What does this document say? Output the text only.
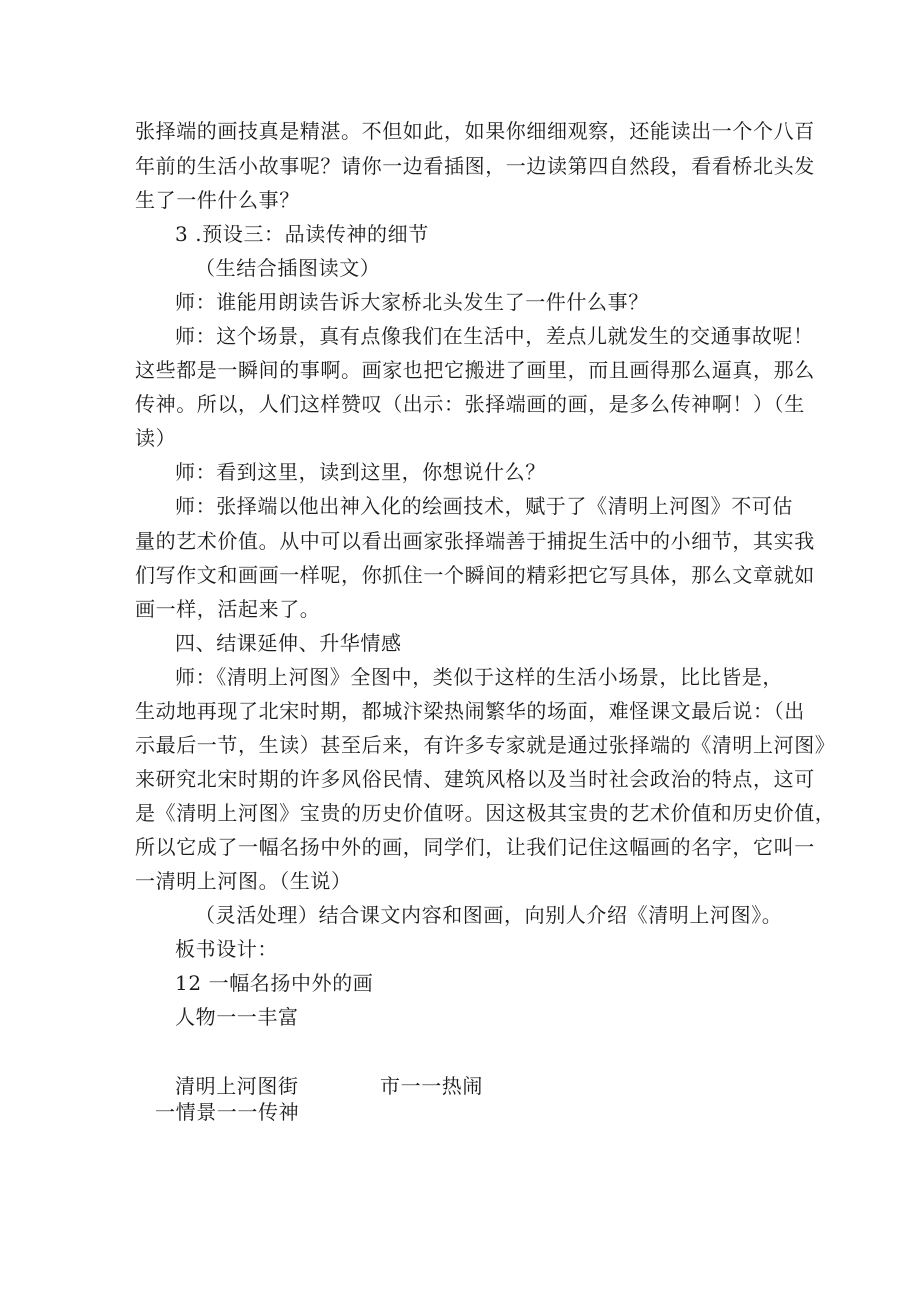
张择端的画技真是精湛。不但如此，如果你细细观察，还能读出一个个八百
年前的生活小故事呢？请你一边看插图，一边读第四自然段，看看桥北头发
生了一件什么事？
3 .预设三：品读传神的细节
（生结合插图读文）
师：谁能用朗读告诉大家桥北头发生了一件什么事？
师：这个场景，真有点像我们在生活中，差点儿就发生的交通事故呢！
这些都是一瞬间的事啊。画家也把它搬进了画里，而且画得那么逼真，那么
传神。所以，人们这样赞叹（出示：张择端画的画，是多么传神啊！）（生
读）
师：看到这里，读到这里，你想说什么？
师：张择端以他出神入化的绘画技术，赋于了《清明上河图》不可估
量的艺术价值。从中可以看出画家张择端善于捕捉生活中的小细节，其实我
们写作文和画画一样呢，你抓住一个瞬间的精彩把它写具体，那么文章就如
画一样，活起来了。
四、结课延伸、升华情感
师：《清明上河图》全图中，类似于这样的生活小场景，比比皆是，
生动地再现了北宋时期，都城汴梁热闹繁华的场面，难怪课文最后说：（出
示最后一节，生读）甚至后来，有许多专家就是通过张择端的《清明上河图》
来研究北宋时期的许多风俗民情、建筑风格以及当时社会政治的特点，这可
是《清明上河图》宝贵的历史价值呀。因这极其宝贵的艺术价值和历史价值，
所以它成了一幅名扬中外的画，同学们，让我们记住这幅画的名字，它叫一
一清明上河图。（生说）
（灵活处理）结合课文内容和图画，向别人介绍《清明上河图》。
板书设计：
12 一幅名扬中外的画
人物一一丰富
清明上河图街	市一一热闹
一情景一一传神
